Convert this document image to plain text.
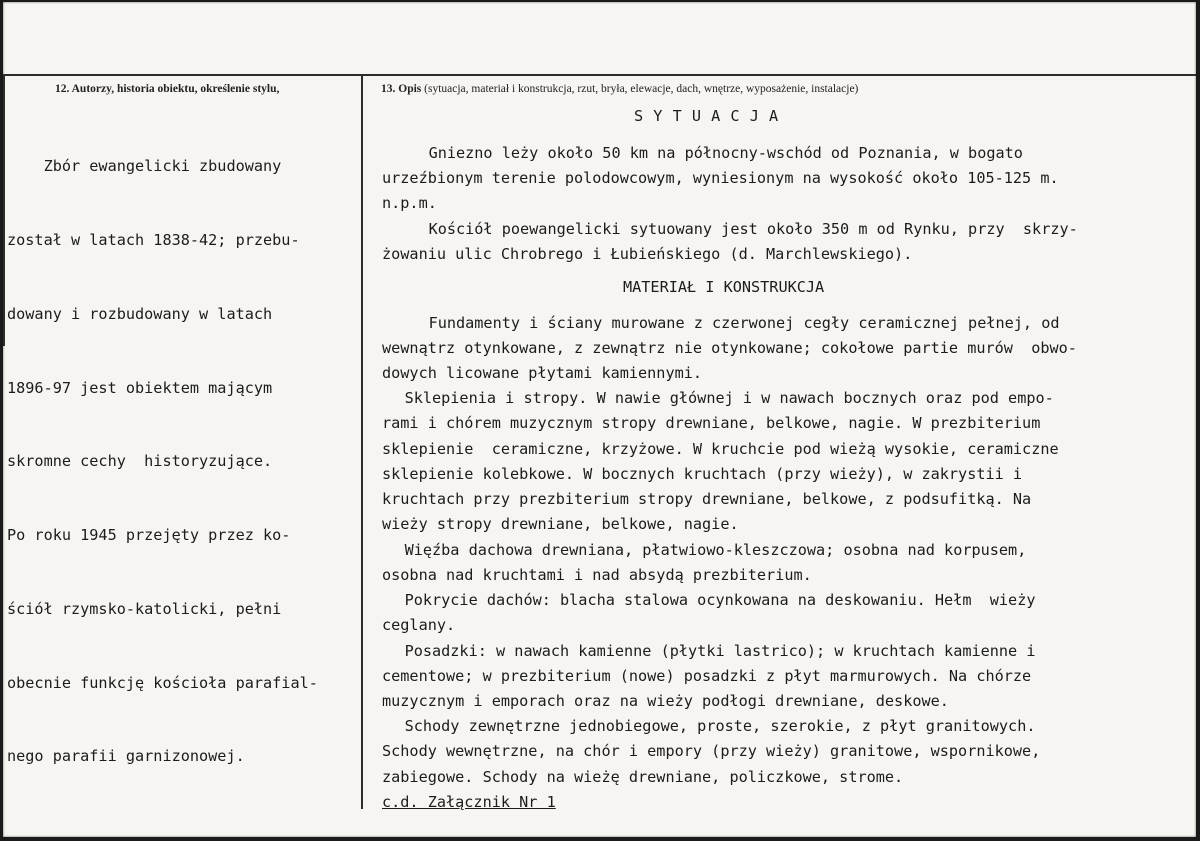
12. Autorzy, historia obiektu, określenie stylu,	13. Opis (sytuacja, materiał i konstrukcja, rzut, bryła, elewacje, dach, wnętrze, wyposażenie, instalacje)

Zbór ewangelicki zbudowany

został w latach 1838-42; przebu-

dowany i rozbudowany w latach

1896-97 jest obiektem mającym

skromne cechy  historyzujące.

Po roku 1945 przejęty przez ko-

ściół rzymsko-katolicki, pełni

obecnie funkcję kościoła parafial-

nego parafii garnizonowej.

S Y T U A C J A
Gniezno leży około 50 km na północny-wschód od Poznania, w bogato
urzeźbionym terenie polodowcowym, wyniesionym na wysokość około 105-125 m.
n.p.m.
Kościół poewangelicki sytuowany jest około 350 m od Rynku, przy  skrzy-
żowaniu ulic Chrobrego i Łubieńskiego (d. Marchlewskiego).
MATERIAŁ I KONSTRUKCJA
Fundamenty i ściany murowane z czerwonej cegły ceramicznej pełnej, od
wewnątrz otynkowane, z zewnątrz nie otynkowane; cokołowe partie murów  obwo-
dowych licowane płytami kamiennymi.
Sklepienia i stropy. W nawie głównej i w nawach bocznych oraz pod empo-
rami i chórem muzycznym stropy drewniane, belkowe, nagie. W prezbiterium
sklepienie  ceramiczne, krzyżowe. W kruchcie pod wieżą wysokie, ceramiczne
sklepienie kolebkowe. W bocznych kruchtach (przy wieży), w zakrystii i
kruchtach przy prezbiterium stropy drewniane, belkowe, z podsufitką. Na
wieży stropy drewniane, belkowe, nagie.
Więźba dachowa drewniana, płatwiowo-kleszczowa; osobna nad korpusem,
osobna nad kruchtami i nad absydą prezbiterium.
Pokrycie dachów: blacha stalowa ocynkowana na deskowaniu. Hełm  wieży
ceglany.
Posadzki: w nawach kamienne (płytki lastrico); w kruchtach kamienne i
cementowe; w prezbiterium (nowe) posadzki z płyt marmurowych. Na chórze
muzycznym i emporach oraz na wieży podłogi drewniane, deskowe.
Schody zewnętrzne jednobiegowe, proste, szerokie, z płyt granitowych.
Schody wewnętrzne, na chór i empory (przy wieży) granitowe, wspornikowe,
zabiegowe. Schody na wieżę drewniane, policzkowe, strome.
c.d. Załącznik Nr 1
